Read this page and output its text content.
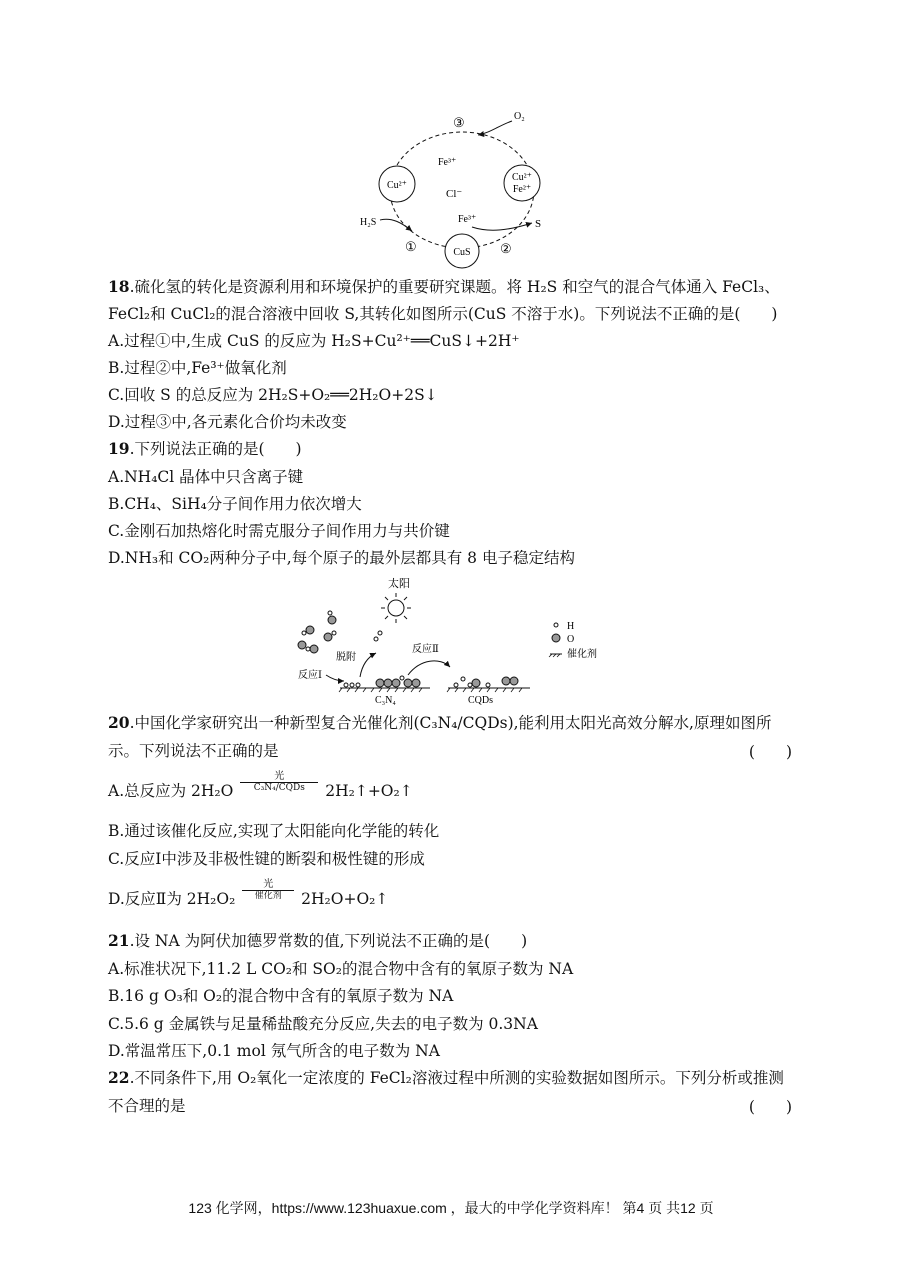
Cu²⁺
Cu²⁺
Fe²⁺
CuS
③
①	②
O₂
Fe³⁺
Cl⁻
Fe³⁺	S
H₂S
18.硫化氢的转化是资源利用和环境保护的重要研究课题。将 H₂S 和空气的混合气体通入 FeCl₃、
FeCl₂和 CuCl₂的混合溶液中回收 S,其转化如图所示(CuS 不溶于水)。下列说法不正确的是(　　)
A.过程①中,生成 CuS 的反应为 H₂S+Cu²⁺══CuS↓+2H⁺
B.过程②中,Fe³⁺做氧化剂
C.回收 S 的总反应为 2H₂S+O₂══2H₂O+2S↓
D.过程③中,各元素化合价均未改变
19.下列说法正确的是(　　)
A.NH₄Cl 晶体中只含离子键
B.CH₄、SiH₄分子间作用力依次增大
C.金刚石加热熔化时需克服分子间作用力与共价键
D.NH₃和 CO₂两种分子中,每个原子的最外层都具有 8 电子稳定结构
太阳
脱附
反应Ⅰ
C₃N₄
反应Ⅱ
CQDs
H
O
催化剂
20.中国化学家研究出一种新型复合光催化剂(C₃N₄/CQDs),能利用太阳光高效分解水,原理如图所
示。下列说法不正确的是	(　　)
A.总反应为 2H₂O
光
C₃N₄/CQDs	2H₂↑+O₂↑
B.通过该催化反应,实现了太阳能向化学能的转化
C.反应Ⅰ中涉及非极性键的断裂和极性键的形成
D.反应Ⅱ为 2H₂O₂
光
催化剂	2H₂O+O₂↑
21.设 NA 为阿伏加德罗常数的值,下列说法不正确的是(　　)
A.标准状况下,11.2 L CO₂和 SO₂的混合物中含有的氧原子数为 NA
B.16 g O₃和 O₂的混合物中含有的氧原子数为 NA
C.5.6 g 金属铁与足量稀盐酸充分反应,失去的电子数为 0.3NA
D.常温常压下,0.1 mol 氖气所含的电子数为 NA
22.不同条件下,用 O₂氧化一定浓度的 FeCl₂溶液过程中所测的实验数据如图所示。下列分析或推测
不合理的是	(　　)
123 化学网，https://www.123huaxue.com ，最大的中学化学资料库！ 第4 页 共12 页
